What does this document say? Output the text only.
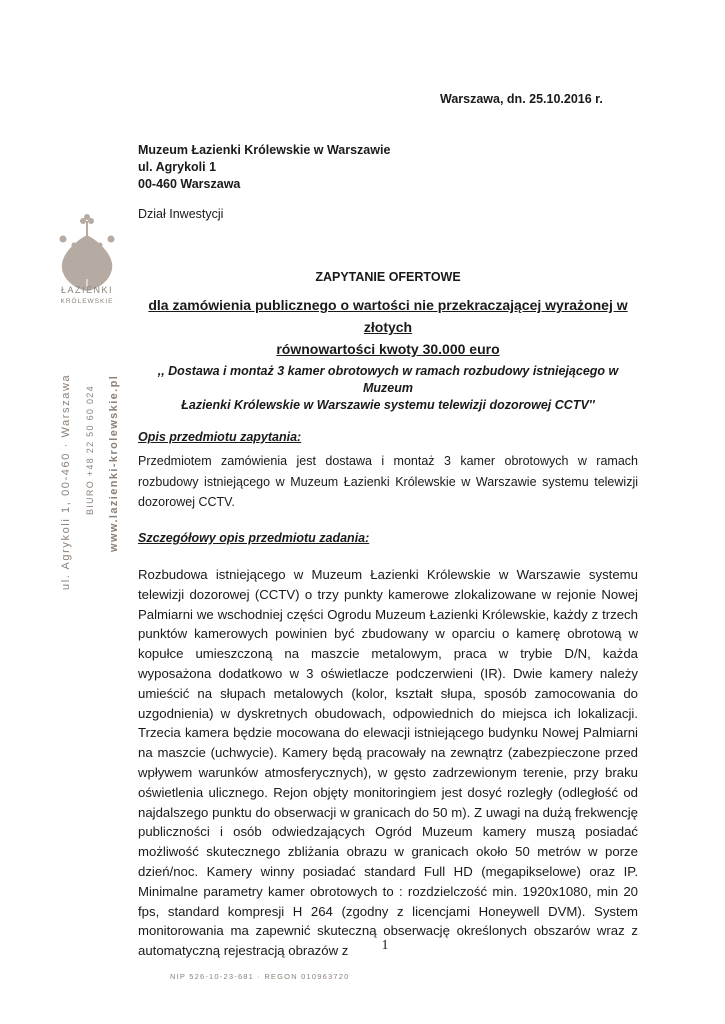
Warszawa, dn. 25.10.2016 r.
Muzeum Łazienki Królewskie w Warszawie
ul. Agrykoli 1
00-460 Warszawa
Dział Inwestycji
ŁAZIENKI
KRÓLEWSKIE
ul. Agrykoli 1, 00-460 · Warszawa BIURO +48 22 50 60 024 www.lazienki-krolewskie.pl
ZAPYTANIE OFERTOWE
dla zamówienia publicznego o wartości nie przekraczającej wyrażonej w złotych
równowartości kwoty 30.000 euro
,, Dostawa i montaż 3 kamer obrotowych w ramach rozbudowy istniejącego w Muzeum
Łazienki Królewskie w Warszawie systemu telewizji dozorowej CCTV''
Opis przedmiotu zapytania:
Przedmiotem zamówienia jest dostawa i montaż 3 kamer obrotowych w ramach rozbudowy istniejącego w Muzeum Łazienki Królewskie w Warszawie systemu telewizji dozorowej CCTV.
Szczegółowy opis przedmiotu zadania:
Rozbudowa istniejącego w Muzeum Łazienki Królewskie w Warszawie systemu telewizji dozorowej (CCTV) o trzy punkty kamerowe zlokalizowane w rejonie Nowej Palmiarni we wschodniej części Ogrodu Muzeum Łazienki Królewskie, każdy z trzech punktów kamerowych powinien być zbudowany w oparciu o kamerę obrotową w kopułce umieszczoną na maszcie metalowym, praca w trybie D/N, każda wyposażona dodatkowo w 3 oświetlacze podczerwieni (IR). Dwie kamery należy umieścić na słupach metalowych (kolor, kształt słupa, sposób zamocowania do uzgodnienia) w dyskretnych obudowach, odpowiednich do miejsca ich lokalizacji. Trzecia kamera będzie mocowana do elewacji istniejącego budynku Nowej Palmiarni na maszcie (uchwycie). Kamery będą pracowały na zewnątrz (zabezpieczone przed wpływem warunków atmosferycznych), w gęsto zadrzewionym terenie, przy braku oświetlenia ulicznego. Rejon objęty monitoringiem jest dosyć rozległy (odległość od najdalszego punktu do obserwacji w granicach do 50 m). Z uwagi na dużą frekwencję publiczności i osób odwiedzających Ogród Muzeum kamery muszą posiadać możliwość skutecznego zbliżania obrazu w granicach około 50 metrów w porze dzień/noc. Kamery winny posiadać standard Full HD (megapikselowe) oraz IP. Minimalne parametry kamer obrotowych to : rozdzielczość min. 1920x1080, min 20 fps, standard kompresji H 264 (zgodny z licencjami Honeywell DVM). System monitorowania ma zapewnić skuteczną obserwację określonych obszarów wraz z automatyczną rejestracją obrazów z	1
NIP 526-10-23-681 · REGON 010963720
